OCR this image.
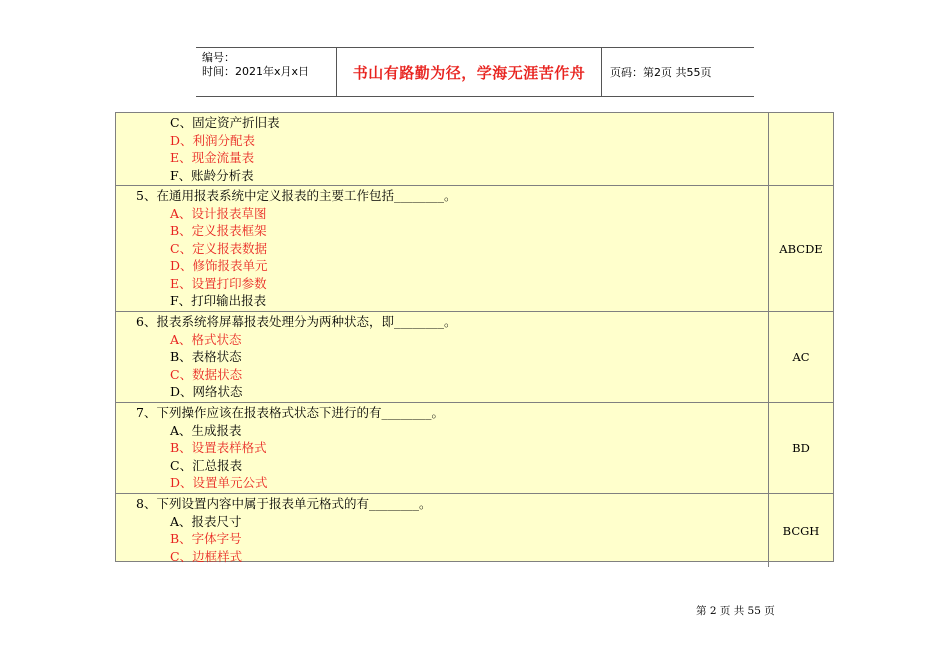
编号：
时间：2021年x月x日	书山有路勤为径，学海无涯苦作舟	页码：第2页 共55页
C、固定资产折旧表
D、利润分配表
E、现金流量表
F、账龄分析表
5、在通用报表系统中定义报表的主要工作包括________。
A、设计报表草图
B、定义报表框架
C、定义报表数据
D、修饰报表单元
E、设置打印参数
F、打印输出报表
ABCDE
6、报表系统将屏幕报表处理分为两种状态，即________。
A、格式状态
B、表格状态
C、数据状态
D、网络状态
AC
7、下列操作应该在报表格式状态下进行的有________。
A、生成报表
B、设置表样格式
C、汇总报表
D、设置单元公式
BD
8、下列设置内容中属于报表单元格式的有________。
A、报表尺寸
B、字体字号
C、边框样式
BCGH
第 2 页 共 55 页
